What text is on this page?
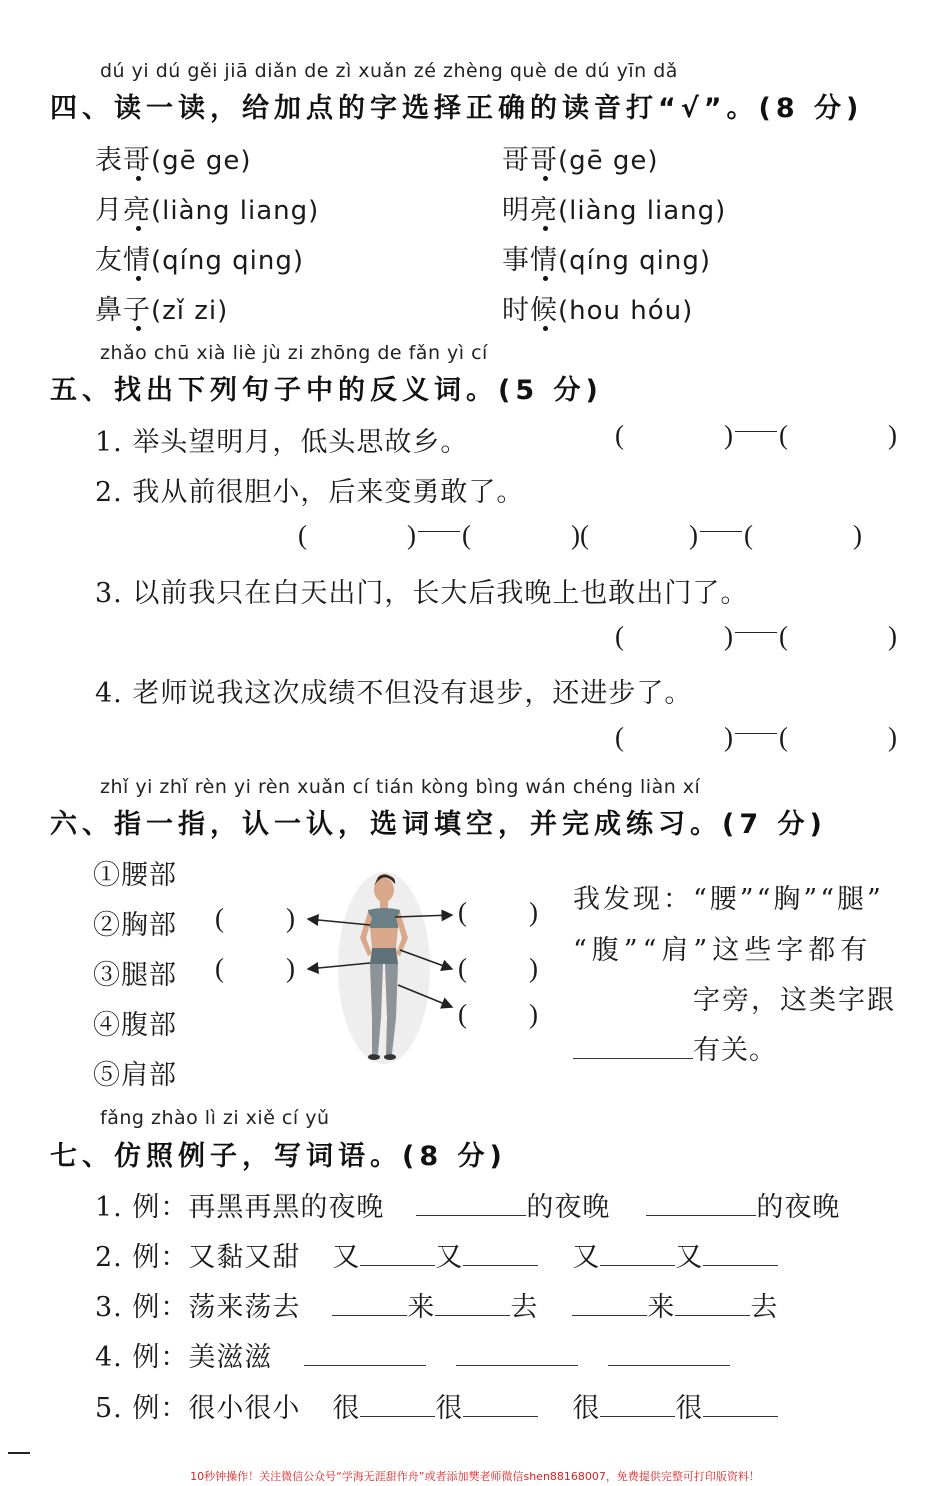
dú yi dú gěi jiā diǎn de zì xuǎn zé zhèng què de dú yīn dǎ
四、读一读，给加点的字选择正确的读音打“√”。(8 分)
表哥(gē ge)	哥哥(gē ge)
月亮(liàng liang)	明亮(liàng liang)
友情(qíng qing)	事情(qíng qing)
鼻子(zǐ zi)	时候(hou hóu)
zhǎo chū xià liè jù zi zhōng de fǎn yì cí
五、找出下列句子中的反义词。(5 分)
1. 举头望明月，低头思故乡。	(	) (	)
2. 我从前很胆小，后来变勇敢了。
(	) (	)(	) (	)
3. 以前我只在白天出门，长大后我晚上也敢出门了。
(	) (	)
4. 老师说我这次成绩不但没有退步，还进步了。
(	) (	)
zhǐ yi zhǐ rèn yi rèn xuǎn cí tián kòng bìng wán chéng liàn xí
六、指一指，认一认，选词填空，并完成练习。(7 分)
①腰部
②胸部
③腿部
④腹部
⑤肩部
( )
( )
( )
( )
( )
我发现：“腰”“胸”“腿”
“腹”“肩”这些字都有
字旁，这类字跟
有关。
fǎng zhào lì zi xiě cí yǔ
七、仿照例子，写词语。(8 分)
1. 例：再黑再黑的夜晚	的夜晚	的夜晚
2. 例：又黏又甜 又	又	又	又
3. 例：荡来荡去	来	去	来	去
4. 例：美滋滋
5. 例：很小很小 很	很	很	很
10秒钟操作！关注微信公众号“学海无涯甜作舟”或者添加樊老师微信shen88168007，免费提供完整可打印版资料！
